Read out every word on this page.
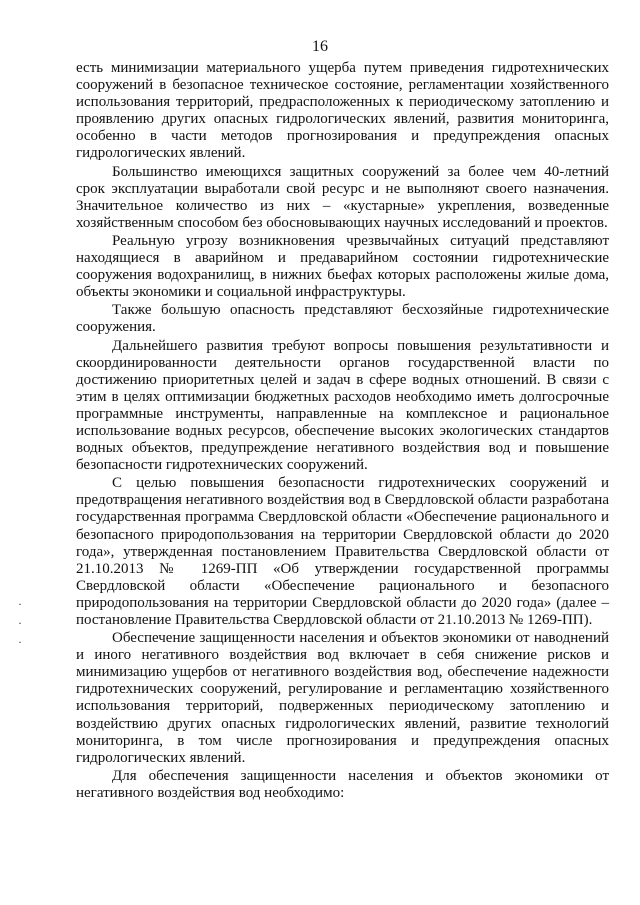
16

есть минимизации материального ущерба путем приведения гидротехнических сооружений в безопасное техническое состояние, регламентации хозяйственного использования территорий, предрасположенных к периодическому затоплению и проявлению других опасных гидрологических явлений, развития мониторинга, особенно в части методов прогнозирования и предупреждения опасных гидрологических явлений.

Большинство имеющихся защитных сооружений за более чем 40-летний срок эксплуатации выработали свой ресурс и не выполняют своего назначения. Значительное количество из них – «кустарные» укрепления, возведенные хозяйственным способом без обосновывающих научных исследований и проектов.

Реальную угрозу возникновения чрезвычайных ситуаций представляют находящиеся в аварийном и предаварийном состоянии гидротехнические сооружения водохранилищ, в нижних бьефах которых расположены жилые дома, объекты экономики и социальной инфраструктуры.

Также большую опасность представляют бесхозяйные гидротехнические сооружения.

Дальнейшего развития требуют вопросы повышения результативности и скоординированности деятельности органов государственной власти по достижению приоритетных целей и задач в сфере водных отношений. В связи с этим в целях оптимизации бюджетных расходов необходимо иметь долгосрочные программные инструменты, направленные на комплексное и рациональное использование водных ресурсов, обеспечение высоких экологических стандартов водных объектов, предупреждение негативного воздействия вод и повышение безопасности гидротехнических сооружений.

С целью повышения безопасности гидротехнических сооружений и предотвращения негативного воздействия вод в Свердловской области разработана государственная программа Свердловской области «Обеспечение рационального и безопасного природопользования на территории Свердловской области до 2020 года», утвержденная постановлением Правительства Свердловской области от 21.10.2013 № 1269-ПП «Об утверждении государственной программы Свердловской области «Обеспечение рационального и безопасного природопользования на территории Свердловской области до 2020 года» (далее – постановление Правительства Свердловской области от 21.10.2013 № 1269-ПП).

Обеспечение защищенности населения и объектов экономики от наводнений и иного негативного воздействия вод включает в себя снижение рисков и минимизацию ущербов от негативного воздействия вод, обеспечение надежности гидротехнических сооружений, регулирование и регламентацию хозяйственного использования территорий, подверженных периодическому затоплению и воздействию других опасных гидрологических явлений, развитие технологий мониторинга, в том числе прогнозирования и предупреждения опасных гидрологических явлений.

Для обеспечения защищенности населения и объектов экономики от негативного воздействия вод необходимо:

·
·
·
